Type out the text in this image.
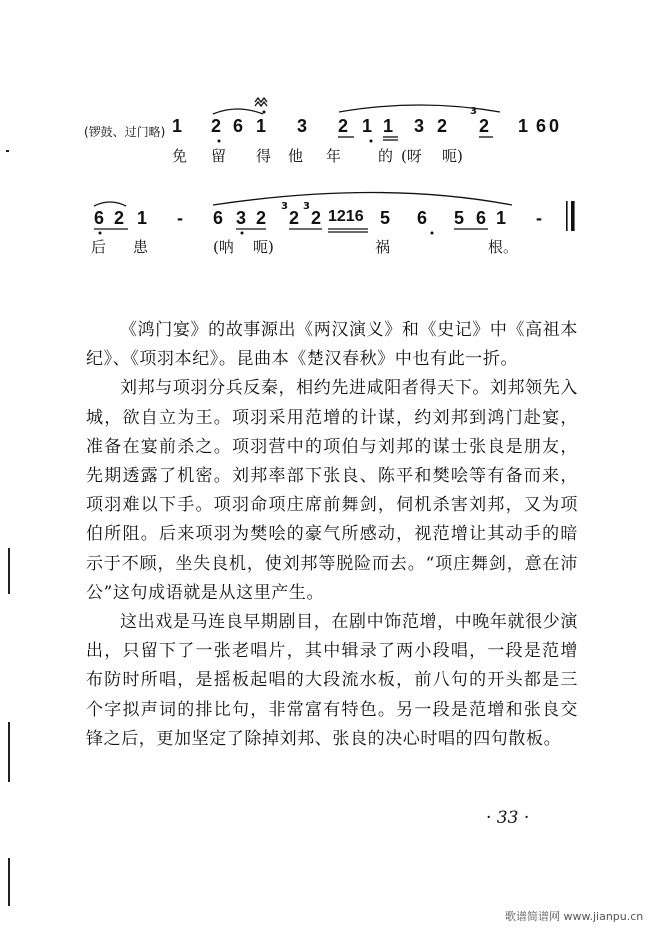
(锣鼓、过门略) 1 2 6 1 3 2 1 1 3 2 2 1 6 0
3
免 留 得 他 年 的 (呀 呃)
6 2 1 - 6 3 2 2 2 1216 5 6 5 6 1 -
3 3
后 患	(呐 呃)	祸	根。

《鸿门宴》的故事源出《两汉演义》和《史记》中《高祖本纪》、《项羽本纪》。昆曲本《楚汉春秋》中也有此一折。

刘邦与项羽分兵反秦，相约先进咸阳者得天下。刘邦领先入城，欲自立为王。项羽采用范增的计谋，约刘邦到鸿门赴宴，准备在宴前杀之。项羽营中的项伯与刘邦的谋士张良是朋友，先期透露了机密。刘邦率部下张良、陈平和樊哙等有备而来，项羽难以下手。项羽命项庄席前舞剑，伺机杀害刘邦，又为项伯所阻。后来项羽为樊哙的豪气所感动，视范增让其动手的暗示于不顾，坐失良机，使刘邦等脱险而去。“项庄舞剑，意在沛公”这句成语就是从这里产生。

这出戏是马连良早期剧目，在剧中饰范增，中晚年就很少演出，只留下了一张老唱片，其中辑录了两小段唱，一段是范增布防时所唱，是摇板起唱的大段流水板，前八句的开头都是三个字拟声词的排比句，非常富有特色。另一段是范增和张良交锋之后，更加坚定了除掉刘邦、张良的决心时唱的四句散板。

· 33 ·
歌谱简谱网 www.jianpu.cn
